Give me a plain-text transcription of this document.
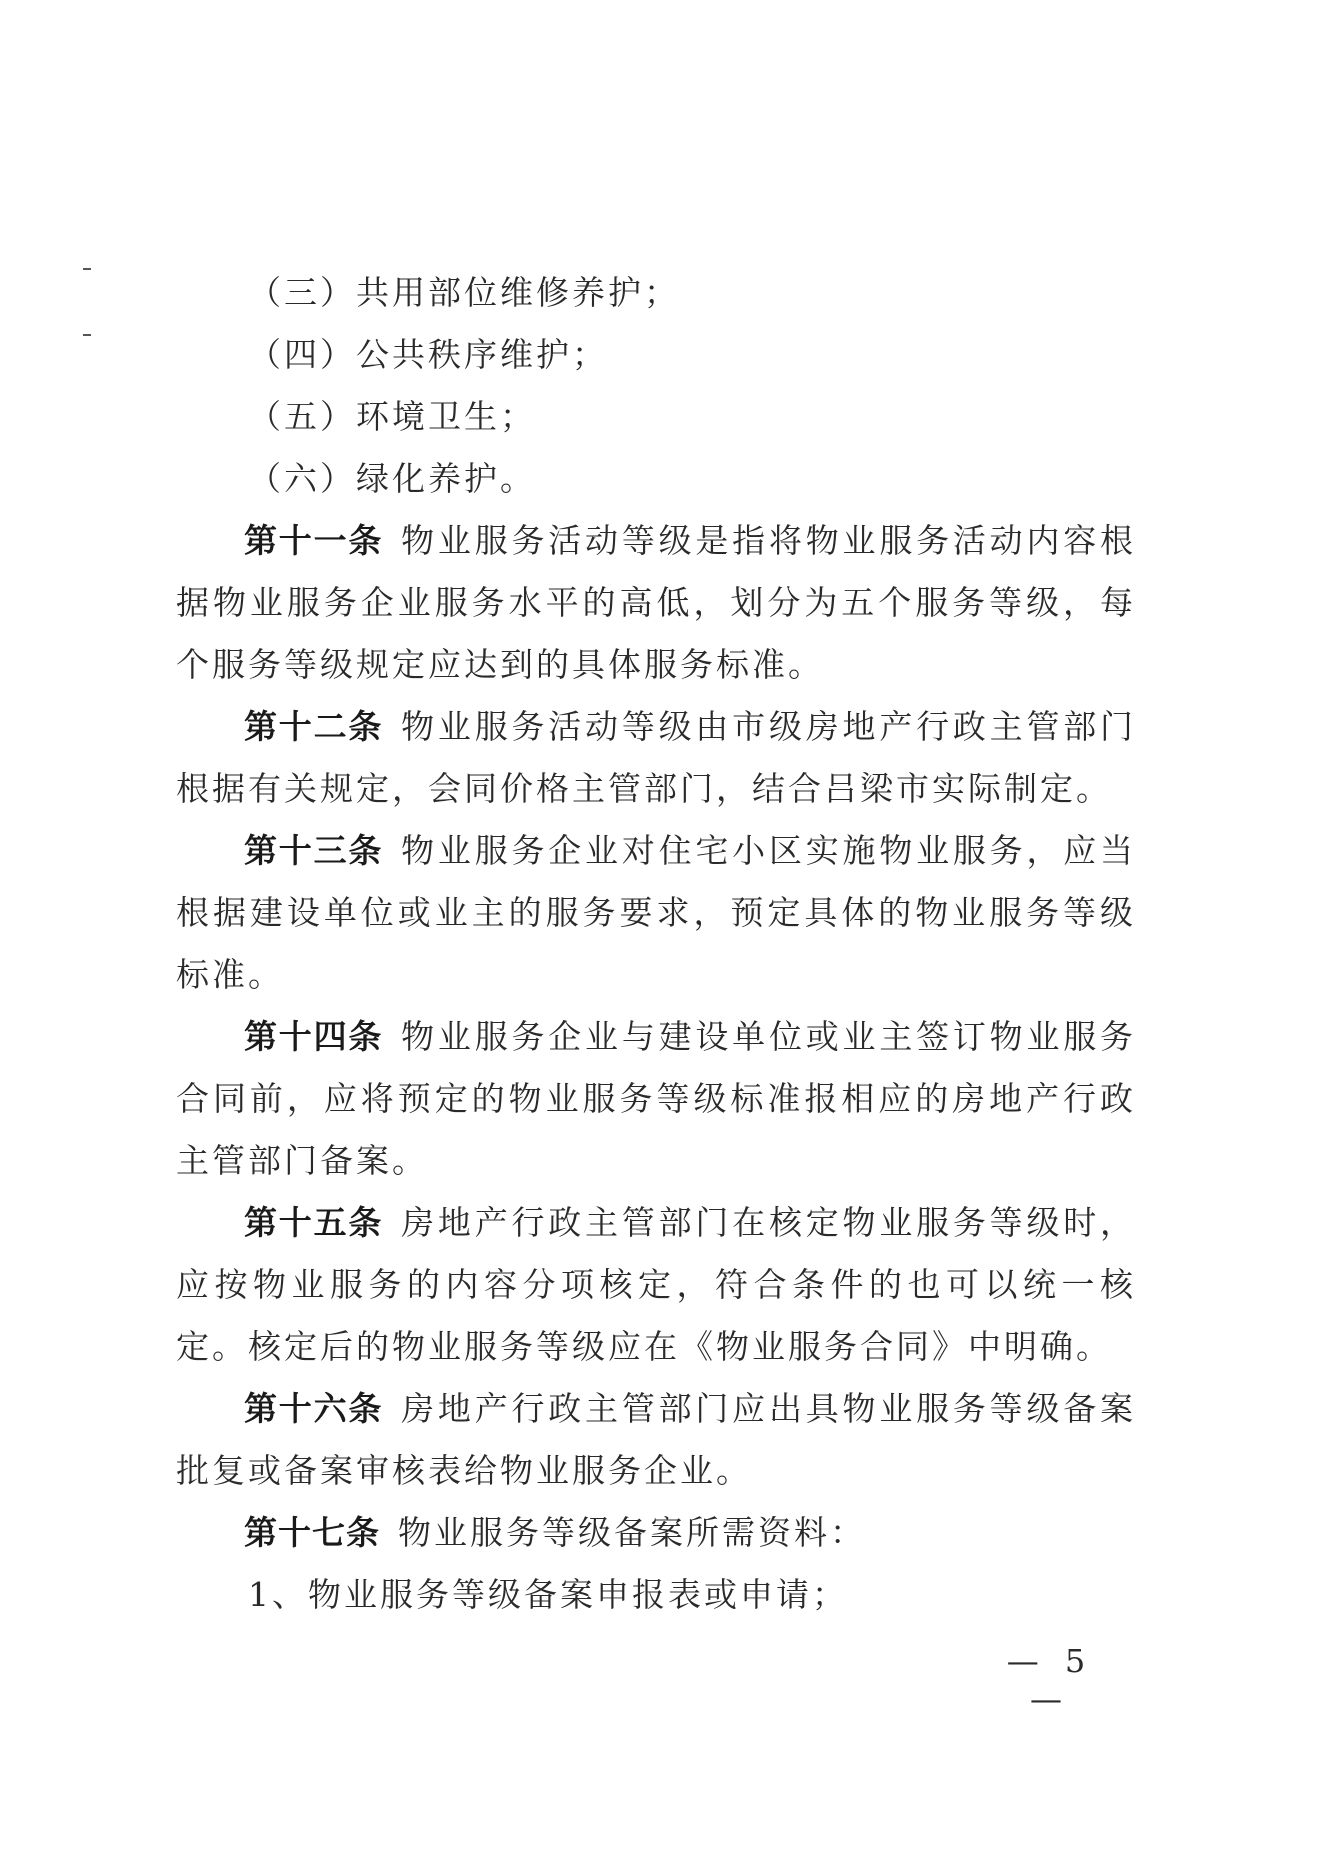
（三）共用部位维修养护；

（四）公共秩序维护；

（五）环境卫生；

（六）绿化养护。

第十一条 物业服务活动等级是指将物业服务活动内容根据物业服务企业服务水平的高低，划分为五个服务等级，每个服务等级规定应达到的具体服务标准。

第十二条 物业服务活动等级由市级房地产行政主管部门根据有关规定，会同价格主管部门，结合吕梁市实际制定。

第十三条 物业服务企业对住宅小区实施物业服务，应当根据建设单位或业主的服务要求，预定具体的物业服务等级标准。

第十四条 物业服务企业与建设单位或业主签订物业服务合同前，应将预定的物业服务等级标准报相应的房地产行政主管部门备案。

第十五条 房地产行政主管部门在核定物业服务等级时，应按物业服务的内容分项核定，符合条件的也可以统一核定。核定后的物业服务等级应在《物业服务合同》中明确。

第十六条 房地产行政主管部门应出具物业服务等级备案批复或备案审核表给物业服务企业。

第十七条 物业服务等级备案所需资料：

1、物业服务等级备案申报表或申请；

— 5 —
